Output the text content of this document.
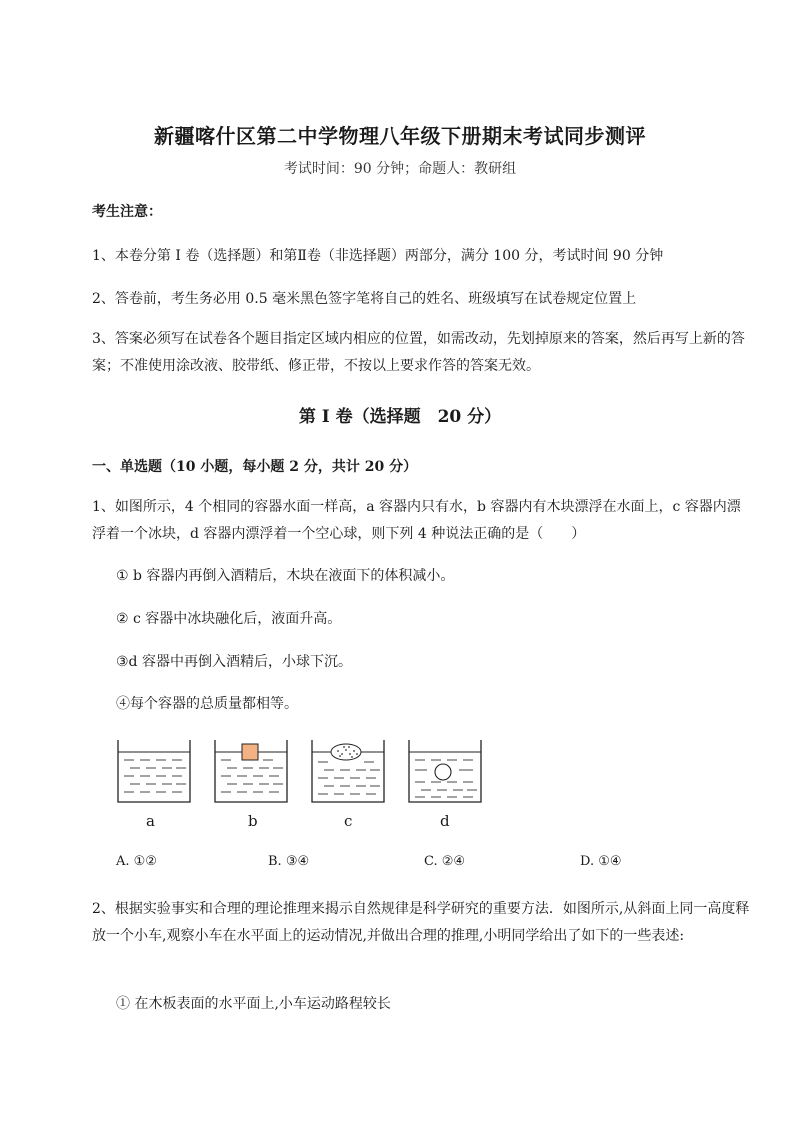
新疆喀什区第二中学物理八年级下册期末考试同步测评
考试时间：90 分钟；命题人：教研组
考生注意：
1、本卷分第 I 卷（选择题）和第Ⅱ卷（非选择题）两部分，满分 100 分，考试时间 90 分钟
2、答卷前，考生务必用 0.5 毫米黑色签字笔将自己的姓名、班级填写在试卷规定位置上
3、答案必须写在试卷各个题目指定区域内相应的位置，如需改动，先划掉原来的答案，然后再写上新的答案；不准使用涂改液、胶带纸、修正带，不按以上要求作答的答案无效。
第 I 卷（选择题　20 分）
一、单选题（10 小题，每小题 2 分，共计 20 分）
1、如图所示，4 个相同的容器水面一样高，a 容器内只有水，b 容器内有木块漂浮在水面上，c 容器内漂浮着一个冰块，d 容器内漂浮着一个空心球，则下列 4 种说法正确的是（　　）
① b 容器内再倒入酒精后，木块在液面下的体积减小。
② c 容器中冰块融化后，液面升高。
③d 容器中再倒入酒精后，小球下沉。
④每个容器的总质量都相等。
a	b	c	d
A. ①②	B. ③④	C. ②④	D. ①④
2、根据实验事实和合理的理论推理来揭示自然规律是科学研究的重要方法．如图所示,从斜面上同一高度释放一个小车,观察小车在水平面上的运动情况,并做出合理的推理,小明同学给出了如下的一些表述:
① 在木板表面的水平面上,小车运动路程较长
